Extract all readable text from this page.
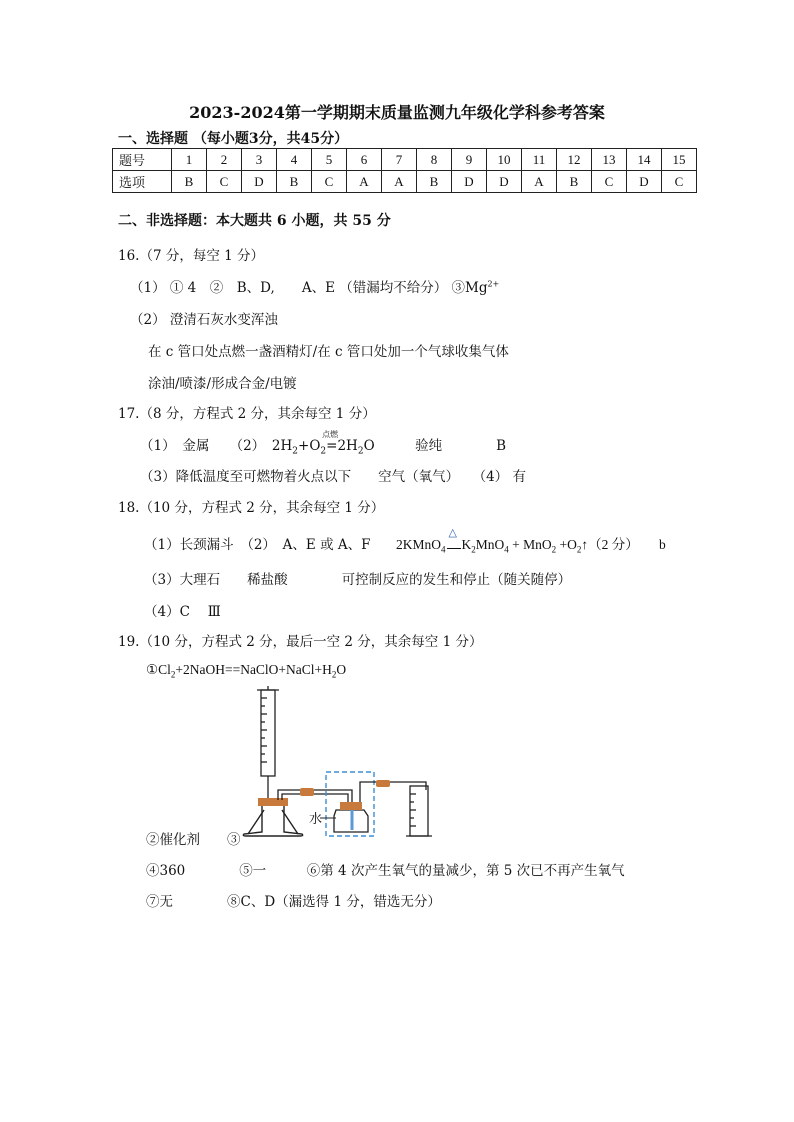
2023-2024第一学期期末质量监测九年级化学科参考答案
一、选择题 （每小题3分，共45分）
题号	1	2	3	4	5	6	7	8	9	10	11	12	13	14	15
选项	B	C	D	B	C	A	A	B	D	D	A	B	C	D	C
二、非选择题：本大题共 6 小题，共 55 分
16.（7 分，每空 1 分）
（1） ① 4　②　B、D,　　A、E （错漏均不给分） $③Mg^{2+}$
（2） 澄清石灰水变浑浊
在 c 管口处点燃一盏酒精灯/在 c 管口处加一个气球收集气体
涂油/喷漆/形成合金/电镀
17.（8 分，方程式 2 分，其余每空 1 分）
（1）　金属　　（2）　$2H_2+O_2$
点燃
$=2H_2O$　　　验纯　　　　B
（3）降低温度至可燃物着火点以下　　空气（氧气）　　（4） 有
18.（10 分，方程式 2 分，其余每空 1 分）
（1）长颈漏斗　（2）　A、E 或 A、F 2KMnO$_4$
△
$K_2MnO_4 + MnO_2$ $+O_2↑(2$ 分）　　b
（3）大理石　　稀盐酸　　　　可控制反应的发生和停止（随关随停）
（4）C　 Ⅲ
19.（10 分，方程式 2 分，最后一空 2 分，其余每空 1 分）
$①Cl_2+2NaOH==NaClO+NaCl+H_2O$
水
②催化剂　　③
④360　　　　⑤一　　　⑥第 4 次产生氧气的量减少，第 5 次已不再产生氧气
⑦无　　　　⑧C、D（漏选得 1 分，错选无分）
